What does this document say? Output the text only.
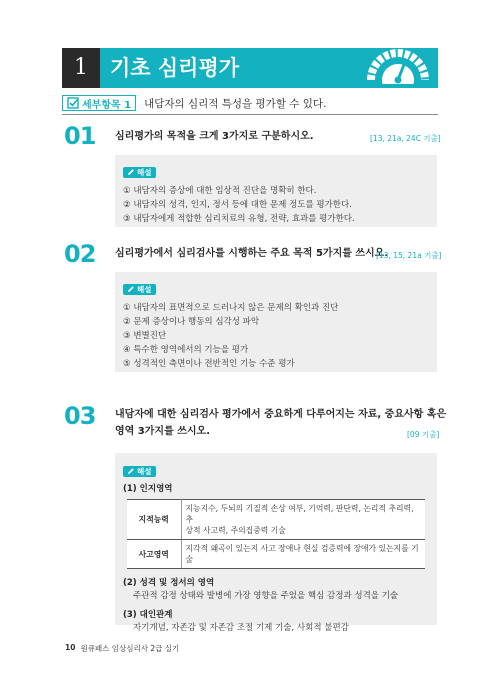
1	기초 심리평가
세부항목 1 내담자의 심리적 특성을 평가할 수 있다.
01 심리평가의 목적을 크게 3가지로 구분하시오.	[13, 21a, 24C 기출]
해설
① 내담자의 증상에 대한 임상적 진단을 명확히 한다.
② 내담자의 성격, 인지, 정서 등에 대한 문제 정도를 평가한다.
③ 내담자에게 적합한 심리치료의 유형, 전략, 효과를 평가한다.
02 심리평가에서 심리검사를 시행하는 주요 목적 5가지를 쓰시오.
[13, 15, 21a 기출]
해설
① 내담자의 표면적으로 드러나지 않은 문제의 확인과 진단
② 문제 증상이나 행동의 심각성 파악
③ 변별진단
④ 특수한 영역에서의 기능을 평가
⑤ 성격적인 측면이나 전반적인 기능 수준 평가
03 내담자에 대한 심리검사 평가에서 중요하게 다루어지는 자료, 중요사항 혹은
영역 3가지를 쓰시오.	[09 기출]
해설
(1) 인지영역
지적능력	지능지수, 두뇌의 기질적 손상 여부, 기억력, 판단력, 논리적 추리력, 추
상적 사고력, 주의집중력 기술

사고영역	지각적 왜곡이 있는지 사고 장애나 현실 검증력에 장애가 있는지를 기술
(2) 성격 및 정서의 영역
주관적 감정 상태와 발병에 가장 영향을 주었을 핵심 감정과 성격을 기술
(3) 대인관계
자기개념, 자존감 및 자존감 조절 기제 기술, 사회적 불편감
10 원큐패스 임상심리사 2급 실기
